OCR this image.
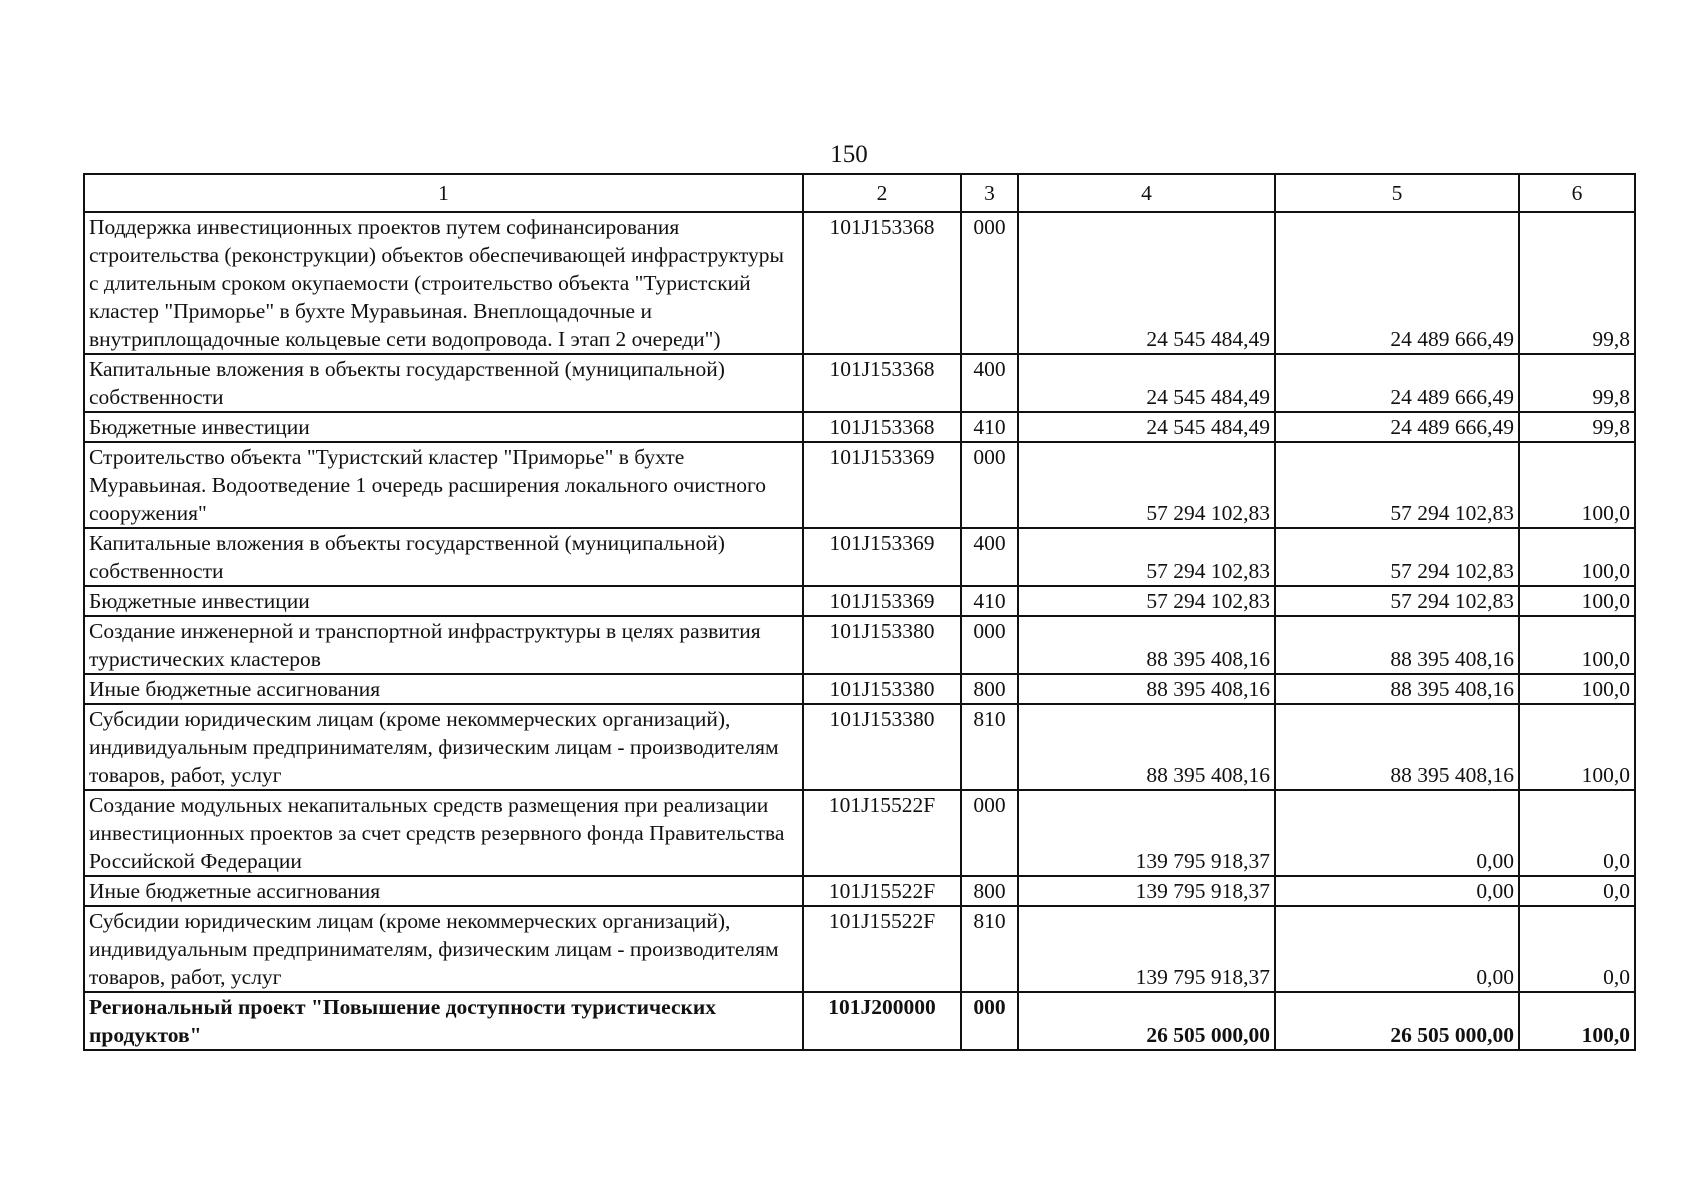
150
1	2	3	4	5	6
Поддержка инвестиционных проектов путем софинансирования строительства (реконструкции) объектов обеспечивающей инфраструктуры с длительным сроком окупаемости (строительство объекта "Туристский кластер "Приморье" в бухте Муравьиная. Внеплощадочные и внутриплощадочные кольцевые сети водопровода. I этап 2 очереди")	101J153368	000	24 545 484,49	24 489 666,49	99,8
Капитальные вложения в объекты государственной (муниципальной) собственности	101J153368	400	24 545 484,49	24 489 666,49	99,8
Бюджетные инвестиции	101J153368	410	24 545 484,49	24 489 666,49	99,8
Строительство объекта "Туристский кластер "Приморье" в бухте Муравьиная. Водоотведение 1 очередь расширения локального очистного сооружения"	101J153369	000	57 294 102,83	57 294 102,83	100,0
Капитальные вложения в объекты государственной (муниципальной) собственности	101J153369	400	57 294 102,83	57 294 102,83	100,0
Бюджетные инвестиции	101J153369	410	57 294 102,83	57 294 102,83	100,0
Создание инженерной и транспортной инфраструктуры в целях развития туристических кластеров	101J153380	000	88 395 408,16	88 395 408,16	100,0
Иные бюджетные ассигнования	101J153380	800	88 395 408,16	88 395 408,16	100,0
Субсидии юридическим лицам (кроме некоммерческих организаций), индивидуальным предпринимателям, физическим лицам - производителям товаров, работ, услуг	101J153380	810	88 395 408,16	88 395 408,16	100,0
Создание модульных некапитальных средств размещения при реализации инвестиционных проектов за счет средств резервного фонда Правительства Российской Федерации	101J15522F	000	139 795 918,37	0,00	0,0
Иные бюджетные ассигнования	101J15522F	800	139 795 918,37	0,00	0,0
Субсидии юридическим лицам (кроме некоммерческих организаций), индивидуальным предпринимателям, физическим лицам - производителям товаров, работ, услуг	101J15522F	810	139 795 918,37	0,00	0,0
Региональный проект "Повышение доступности туристических продуктов"	101J200000	000	26 505 000,00	26 505 000,00	100,0
